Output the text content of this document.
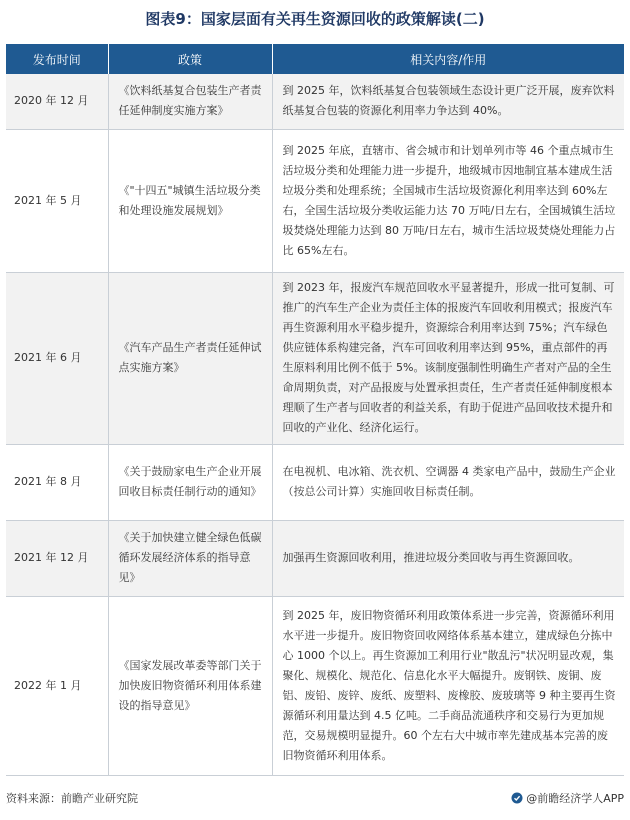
图表9：国家层面有关再生资源回收的政策解读(二)
发布时间	政策	相关内容/作用
2020 年 12 月	《饮料纸基复合包装生产者责任延伸制度实施方案》	到 2025 年，饮料纸基复合包装领域生态设计更广泛开展，废弃饮料纸基复合包装的资源化利用率力争达到 40%。
2021 年 5 月	《"十四五"城镇生活垃圾分类和处理设施发展规划》	到 2025 年底，直辖市、省会城市和计划单列市等 46 个重点城市生活垃圾分类和处理能力进一步提升，地级城市因地制宜基本建成生活垃圾分类和处理系统；全国城市生活垃圾资源化利用率达到 60%左右，全国生活垃圾分类收运能力达 70 万吨/日左右，全国城镇生活垃圾焚烧处理能力达到 80 万吨/日左右，城市生活垃圾焚烧处理能力占比 65%左右。
2021 年 6 月	《汽车产品生产者责任延伸试点实施方案》	到 2023 年，报废汽车规范回收水平显著提升，形成一批可复制、可推广的汽车生产企业为责任主体的报废汽车回收利用模式；报废汽车再生资源利用水平稳步提升，资源综合利用率达到 75%；汽车绿色供应链体系构建完备，汽车可回收利用率达到 95%，重点部件的再生原料利用比例不低于 5%。该制度强制性明确生产者对产品的全生命周期负责，对产品报废与处置承担责任，生产者责任延伸制度根本理顺了生产者与回收者的利益关系，有助于促进产品回收技术提升和回收的产业化、经济化运行。
2021 年 8 月	《关于鼓励家电生产企业开展回收目标责任制行动的通知》	在电视机、电冰箱、洗衣机、空调器 4 类家电产品中，鼓励生产企业（按总公司计算）实施回收目标责任制。
2021 年 12 月	《关于加快建立健全绿色低碳循环发展经济体系的指导意见》	加强再生资源回收利用，推进垃圾分类回收与再生资源回收。
2022 年 1 月	《国家发展改革委等部门关于加快废旧物资循环利用体系建设的指导意见》	到 2025 年，废旧物资循环利用政策体系进一步完善，资源循环利用水平进一步提升。废旧物资回收网络体系基本建立，建成绿色分拣中心 1000 个以上。再生资源加工利用行业"散乱污"状况明显改观，集聚化、规模化、规范化、信息化水平大幅提升。废钢铁、废铜、废铝、废铅、废锌、废纸、废塑料、废橡胶、废玻璃等 9 种主要再生资源循环利用量达到 4.5 亿吨。二手商品流通秩序和交易行为更加规范，交易规模明显提升。60 个左右大中城市率先建成基本完善的废旧物资循环利用体系。
资料来源：前瞻产业研究院	@前瞻经济学人APP
